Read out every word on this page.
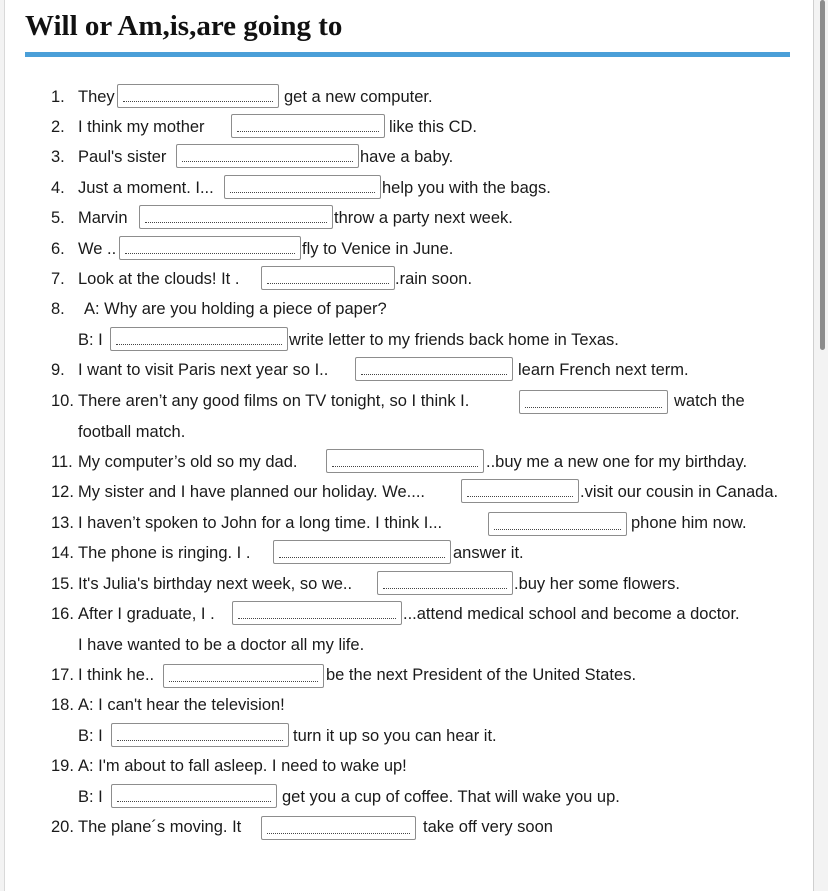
Will or Am,is,are going to
1. They	get a new computer.
2. I think my mother	like this CD.
3. Paul's sister	have a baby.
4. Just a moment. I...	help you with the bags.
5. Marvin	throw a party next week.
6. We ..	fly to Venice in June.
7. Look at the clouds! It .	.rain soon.
8. A: Why are you holding a piece of paper?
B: I	write letter to my friends back home in Texas.
9. I want to visit Paris next year so I..	learn French next term.
10. There aren’t any good films on TV tonight, so I think I.	watch the
football match.
11. My computer’s old so my dad.	..buy me a new one for my birthday.
12. My sister and I have planned our holiday. We....	.visit our cousin in Canada.
13. I haven’t spoken to John for a long time. I think I...	phone him now.
14. The phone is ringing. I .	answer it.
15. It's Julia's birthday next week, so we..	.buy her some flowers.
16. After I graduate, I .	...attend medical school and become a doctor.
I have wanted to be a doctor all my life.
17. I think he..	be the next President of the United States.
18. A: I can't hear the television!
B: I	turn it up so you can hear it.
19. A: I'm about to fall asleep. I need to wake up!
B: I	get you a cup of coffee. That will wake you up.
20. The plane´s moving. It	take off very soon
